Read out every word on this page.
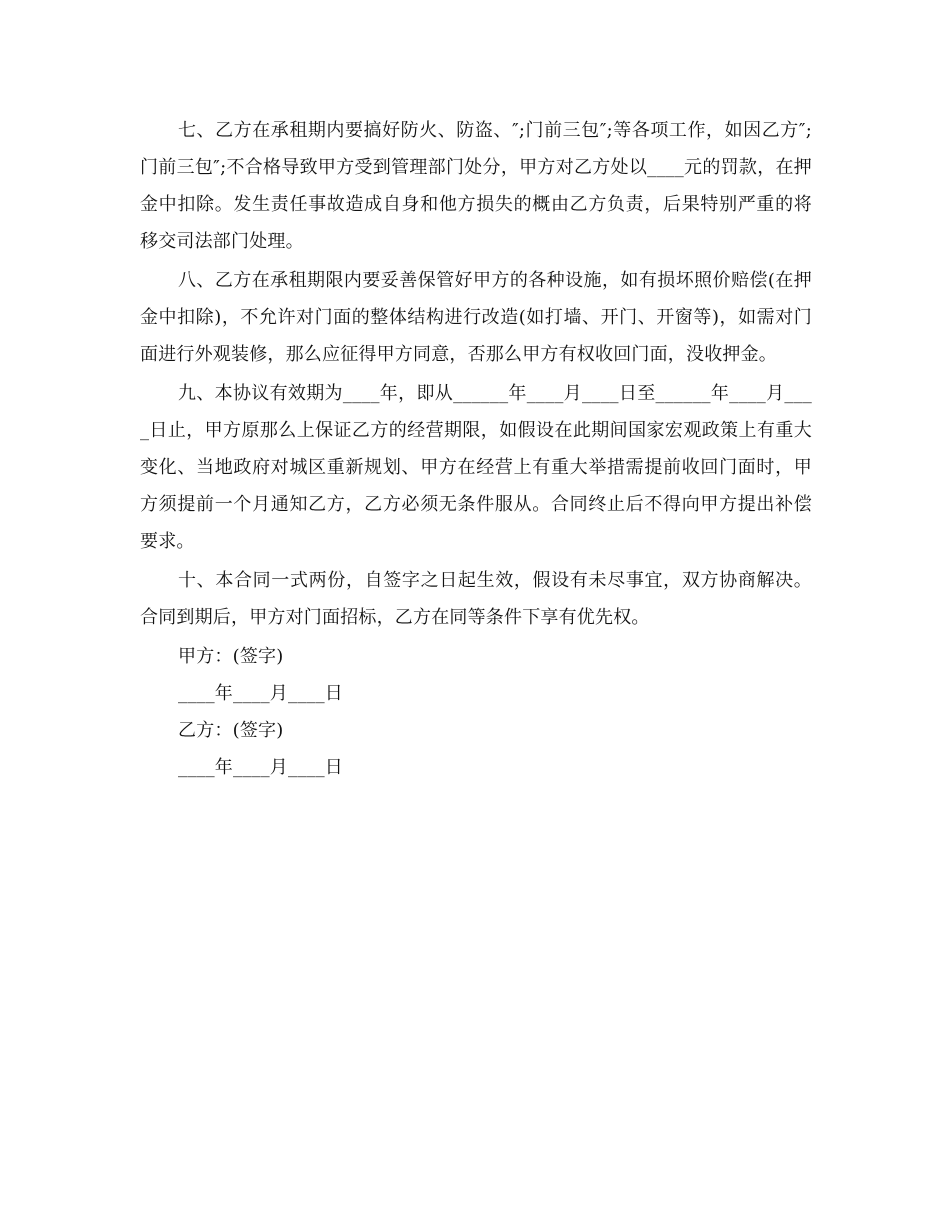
七、乙方在承租期内要搞好防火、防盗、″;门前三包″;等各项工作，如因乙方″;门前三包″;不合格导致甲方受到管理部门处分，甲方对乙方处以____元的罚款，在押金中扣除。发生责任事故造成自身和他方损失的概由乙方负责，后果特别严重的将移交司法部门处理。

八、乙方在承租期限内要妥善保管好甲方的各种设施，如有损坏照价赔偿(在押金中扣除)，不允许对门面的整体结构进行改造(如打墙、开门、开窗等)，如需对门面进行外观装修，那么应征得甲方同意，否那么甲方有权收回门面，没收押金。

九、本协议有效期为____年，即从______年____月____日至______年____月____日止，甲方原那么上保证乙方的经营期限，如假设在此期间国家宏观政策上有重大变化、当地政府对城区重新规划、甲方在经营上有重大举措需提前收回门面时，甲方须提前一个月通知乙方，乙方必须无条件服从。合同终止后不得向甲方提出补偿要求。

十、本合同一式两份，自签字之日起生效，假设有未尽事宜，双方协商解决。合同到期后，甲方对门面招标，乙方在同等条件下享有优先权。

甲方：(签字)

____年____月____日

乙方：(签字)

____年____月____日
